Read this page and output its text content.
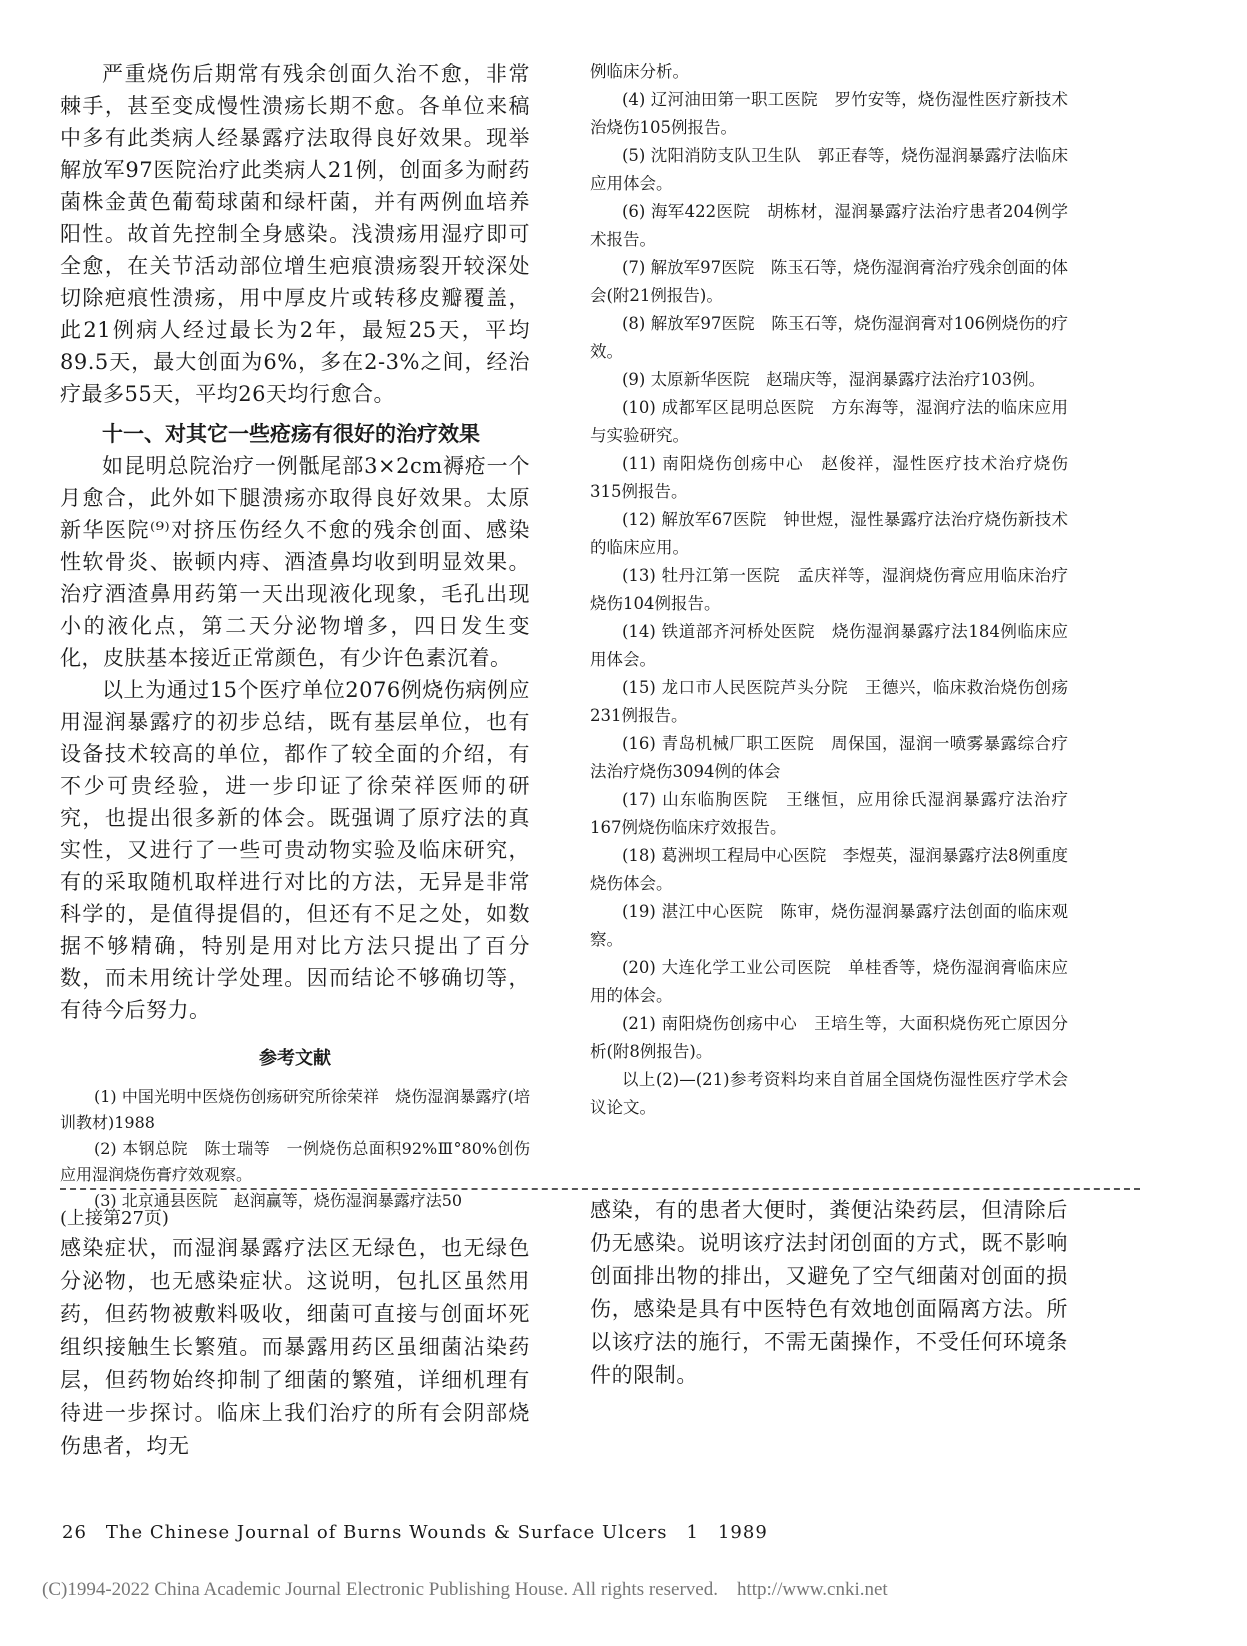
严重烧伤后期常有残余创面久治不愈，非常棘手，甚至变成慢性溃疡长期不愈。各单位来稿中多有此类病人经暴露疗法取得良好效果。现举解放军97医院治疗此类病人21例，创面多为耐药菌株金黄色葡萄球菌和绿杆菌，并有两例血培养阳性。故首先控制全身感染。浅溃疡用湿疗即可全愈，在关节活动部位增生疤痕溃疡裂开较深处切除疤痕性溃疡，用中厚皮片或转移皮瓣覆盖，此21例病人经过最长为2年，最短25天，平均89.5天，最大创面为6%，多在2-3%之间，经治疗最多55天，平均26天均行愈合。

十一、对其它一些疮疡有很好的治疗效果

如昆明总院治疗一例骶尾部3×2cm褥疮一个月愈合，此外如下腿溃疡亦取得良好效果。太原新华医院⁽⁹⁾对挤压伤经久不愈的残余创面、感染性软骨炎、嵌顿内痔、酒渣鼻均收到明显效果。治疗酒渣鼻用药第一天出现液化现象，毛孔出现小的液化点，第二天分泌物增多，四日发生变化，皮肤基本接近正常颜色，有少许色素沉着。

以上为通过15个医疗单位2076例烧伤病例应用湿润暴露疗的初步总结，既有基层单位，也有设备技术较高的单位，都作了较全面的介绍，有不少可贵经验，进一步印证了徐荣祥医师的研究，也提出很多新的体会。既强调了原疗法的真实性，又进行了一些可贵动物实验及临床研究，有的采取随机取样进行对比的方法，无异是非常科学的，是值得提倡的，但还有不足之处，如数据不够精确，特别是用对比方法只提出了百分数，而未用统计学处理。因而结论不够确切等，有待今后努力。

参考文献

(1) 中国光明中医烧伤创疡研究所徐荣祥　烧伤湿润暴露疗(培训教材)1988

(2) 本钢总院　陈士瑞等　一例烧伤总面积92%Ⅲ°80%创伤应用湿润烧伤膏疗效观察。

(3) 北京通县医院　赵润赢等，烧伤湿润暴露疗法50

例临床分析。

(4) 辽河油田第一职工医院　罗竹安等，烧伤湿性医疗新技术治烧伤105例报告。

(5) 沈阳消防支队卫生队　郭正春等，烧伤湿润暴露疗法临床应用体会。

(6) 海军422医院　胡栋材，湿润暴露疗法治疗患者204例学术报告。

(7) 解放军97医院　陈玉石等，烧伤湿润膏治疗残余创面的体会(附21例报告)。

(8) 解放军97医院　陈玉石等，烧伤湿润膏对106例烧伤的疗效。

(9) 太原新华医院　赵瑞庆等，湿润暴露疗法治疗103例。

(10) 成都军区昆明总医院　方东海等，湿润疗法的临床应用与实验研究。

(11) 南阳烧伤创疡中心　赵俊祥，湿性医疗技术治疗烧伤315例报告。

(12) 解放军67医院　钟世煜，湿性暴露疗法治疗烧伤新技术的临床应用。

(13) 牡丹江第一医院　孟庆祥等，湿润烧伤膏应用临床治疗烧伤104例报告。

(14) 铁道部齐河桥处医院　烧伤湿润暴露疗法184例临床应用体会。

(15) 龙口市人民医院芦头分院　王德兴，临床救治烧伤创疡231例报告。

(16) 青岛机械厂职工医院　周保国，湿润一喷雾暴露综合疗法治疗烧伤3094例的体会

(17) 山东临朐医院　王继恒，应用徐氏湿润暴露疗法治疗167例烧伤临床疗效报告。

(18) 葛洲坝工程局中心医院　李煜英，湿润暴露疗法8例重度烧伤体会。

(19) 湛江中心医院　陈审，烧伤湿润暴露疗法创面的临床观察。

(20) 大连化学工业公司医院　单桂香等，烧伤湿润膏临床应用的体会。

(21) 南阳烧伤创疡中心　王培生等，大面积烧伤死亡原因分析(附8例报告)。

以上(2)—(21)参考资料均来自首届全国烧伤湿性医疗学术会议论文。

(上接第27页)

感染症状，而湿润暴露疗法区无绿色，也无绿色分泌物，也无感染症状。这说明，包扎区虽然用药，但药物被敷料吸收，细菌可直接与创面坏死组织接触生长繁殖。而暴露用药区虽细菌沾染药层，但药物始终抑制了细菌的繁殖，详细机理有待进一步探讨。临床上我们治疗的所有会阴部烧伤患者，均无

感染，有的患者大便时，粪便沾染药层，但清除后仍无感染。说明该疗法封闭创面的方式，既不影响创面排出物的排出，又避免了空气细菌对创面的损伤，感染是具有中医特色有效地创面隔离方法。所以该疗法的施行，不需无菌操作，不受任何环境条件的限制。

26　The Chinese Journal of Burns Wounds & Surface Ulcers　1　1989
(C)1994-2022 China Academic Journal Electronic Publishing House. All rights reserved.　http://www.cnki.net
